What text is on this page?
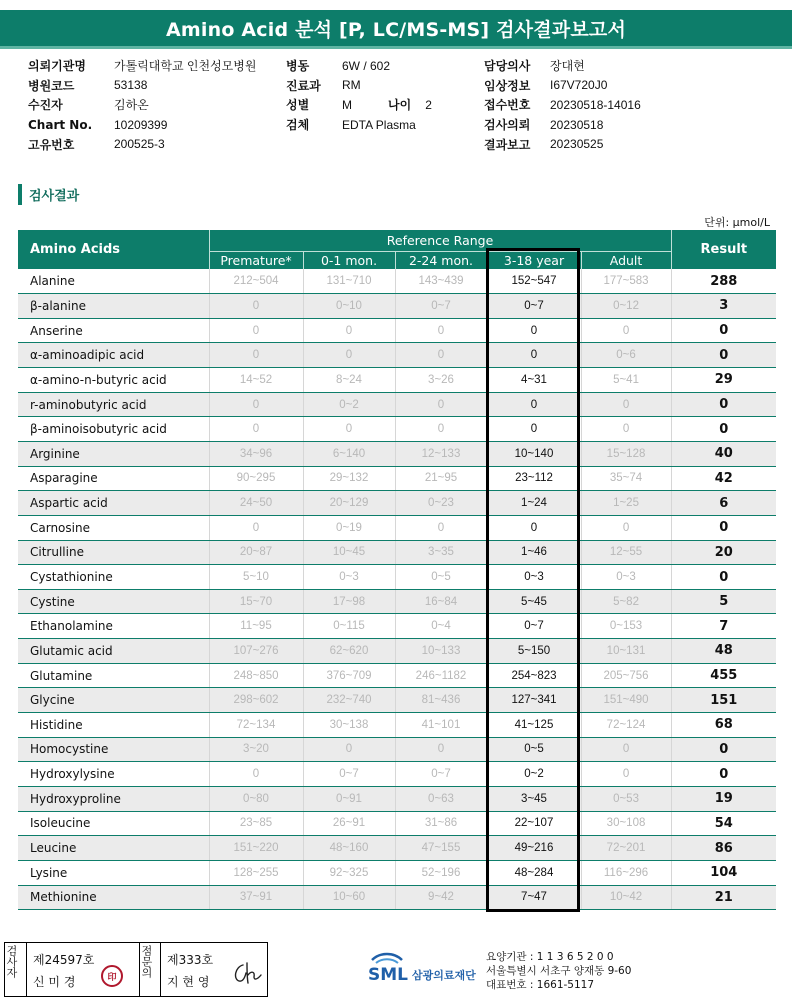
Amino Acid 분석 [P, LC/MS-MS] 검사결과보고서
의뢰기관명	가톨릭대학교 인천성모병원
병원코드	53138
수진자	김하온
Chart No.	10209399
고유번호	200525-3
병동	6W / 602
진료과	RM
성별	M	나이 2
검체	EDTA Plasma
담당의사	장대현
임상정보	I67V720J0
접수번호	20230518-14016
검사의뢰	20230518
결과보고	20230525
검사결과
단위: μmol/L
Amino Acids	Reference Range					Result
	Premature*	0-1 mon.	2-24 mon.	3-18 year	Adult	
Alanine	212~504	131~710	143~439	152~547	177~583	288
β-alanine	0	0~10	0~7	0~7	0~12	3
Anserine	0	0	0	0	0	0
α-aminoadipic acid	0	0	0	0	0~6	0
α-amino-n-butyric acid	14~52	8~24	3~26	4~31	5~41	29
r-aminobutyric acid	0	0~2	0	0	0	0
β-aminoisobutyric acid	0	0	0	0	0	0
Arginine	34~96	6~140	12~133	10~140	15~128	40
Asparagine	90~295	29~132	21~95	23~112	35~74	42
Aspartic acid	24~50	20~129	0~23	1~24	1~25	6
Carnosine	0	0~19	0	0	0	0
Citrulline	20~87	10~45	3~35	1~46	12~55	20
Cystathionine	5~10	0~3	0~5	0~3	0~3	0
Cystine	15~70	17~98	16~84	5~45	5~82	5
Ethanolamine	11~95	0~115	0~4	0~7	0~153	7
Glutamic acid	107~276	62~620	10~133	5~150	10~131	48
Glutamine	248~850	376~709	246~1182	254~823	205~756	455
Glycine	298~602	232~740	81~436	127~341	151~490	151
Histidine	72~134	30~138	41~101	41~125	72~124	68
Homocystine	3~20	0	0	0~5	0	0
Hydroxylysine	0	0~7	0~7	0~2	0	0
Hydroxyproline	0~80	0~91	0~63	3~45	0~53	19
Isoleucine	23~85	26~91	31~86	22~107	30~108	54
Leucine	151~220	48~160	47~155	49~216	72~201	86
Lysine	128~255	92~325	52~196	48~284	116~296	104
Methionine	37~91	10~60	9~42	7~47	10~42	21
검사자 제24597호
신 미 경	印	점문의 제333호
지 현 영	SML 삼광의료재단
요양기관 : 1 1 3 6 5 2 0 0
서울특별시 서초구 양재동 9-60
대표번호 : 1661-5117
